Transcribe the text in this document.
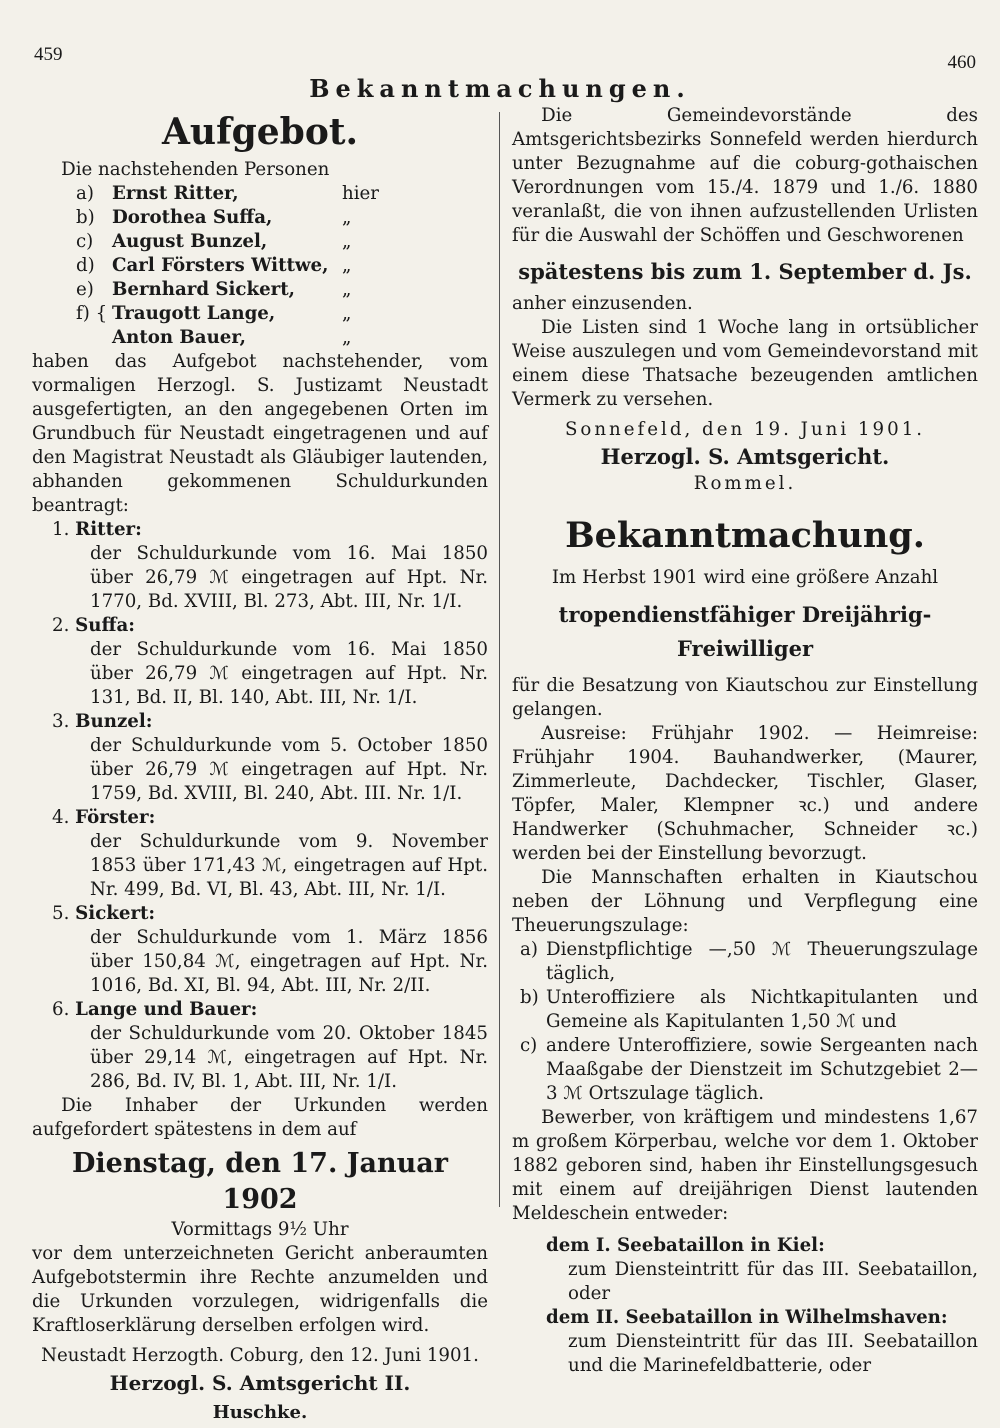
459	460
Bekanntmachungen.
Aufgebot.

Die nachstehenden Personen

a) Ernst Ritter,	hier
b) Dorothea Suffa,	„
c)	August Bunzel,	„
d) Carl Försters Wittwe, „
e) Bernhard Sickert,	„
f) { Traugott Lange,	„
Anton Bauer,	„

haben das Aufgebot nachstehender, vom vormaligen Herzogl. S. Justizamt Neustadt ausgefertigten, an den angegebenen Orten im Grundbuch für Neustadt eingetragenen und auf den Magistrat Neustadt als Gläubiger lautenden, abhanden gekommenen Schuldurkunden beantragt:

1. Ritter:

der Schuldurkunde vom 16. Mai 1850 über 26,79 ℳ eingetragen auf Hpt. Nr. 1770, Bd. XVIII, Bl. 273, Abt. III, Nr. 1/I.

2. Suffa:

der Schuldurkunde vom 16. Mai 1850 über 26,79 ℳ eingetragen auf Hpt. Nr. 131, Bd. II, Bl. 140, Abt. III, Nr. 1/I.

3. Bunzel:

der Schuldurkunde vom 5. October 1850 über 26,79 ℳ eingetragen auf Hpt. Nr. 1759, Bd. XVIII, Bl. 240, Abt. III. Nr. 1/I.

4. Förster:

der Schuldurkunde vom 9. November 1853 über 171,43 ℳ, eingetragen auf Hpt. Nr. 499, Bd. VI, Bl. 43, Abt. III, Nr. 1/I.

5. Sickert:

der Schuldurkunde vom 1. März 1856 über 150,84 ℳ, eingetragen auf Hpt. Nr. 1016, Bd. XI, Bl. 94, Abt. III, Nr. 2/II.

6. Lange und Bauer:

der Schuldurkunde vom 20. Oktober 1845 über 29,14 ℳ, eingetragen auf Hpt. Nr. 286, Bd. IV, Bl. 1, Abt. III, Nr. 1/I.

Die Inhaber der Urkunden werden aufgefordert spätestens in dem auf

Dienstag, den 17. Januar 1902

Vormittags 9½ Uhr

vor dem unterzeichneten Gericht anberaumten Aufgebotstermin ihre Rechte anzumelden und die Urkunden vorzulegen, widrigenfalls die Kraftloserklärung derselben erfolgen wird.

Neustadt Herzogth. Coburg, den 12. Juni 1901.

Herzogl. S. Amtsgericht II.
Huschke.

Die Gemeindevorstände des Amtsgerichtsbezirks Sonnefeld werden hierdurch unter Bezugnahme auf die coburg-gothaischen Verordnungen vom 15./4. 1879 und 1./6. 1880 veranlaßt, die von ihnen aufzustellenden Urlisten für die Auswahl der Schöffen und Geschworenen

spätestens bis zum 1. September d. Js.

anher einzusenden.

Die Listen sind 1 Woche lang in ortsüblicher Weise auszulegen und vom Gemeindevorstand mit einem diese Thatsache bezeugenden amtlichen Vermerk zu versehen.

Sonnefeld, den 19. Juni 1901.

Herzogl. S. Amtsgericht.

Rommel.

Bekanntmachung.

Im Herbst 1901 wird eine größere Anzahl

tropendienstfähiger Dreijährig-Freiwilliger

für die Besatzung von Kiautschou zur Einstellung gelangen.

Ausreise: Frühjahr 1902. — Heimreise: Frühjahr 1904. Bauhandwerker, (Maurer, Zimmerleute, Dachdecker, Tischler, Glaser, Töpfer, Maler, Klempner ꝛc.) und andere Handwerker (Schuhmacher, Schneider ꝛc.) werden bei der Einstellung bevorzugt.

Die Mannschaften erhalten in Kiautschou neben der Löhnung und Verpflegung eine Theuerungszulage:

a) Dienstpflichtige —,50 ℳ Theuerungszulage täglich,
b) Unteroffiziere als Nichtkapitulanten und Gemeine als Kapitulanten 1,50 ℳ und
c) andere Unteroffiziere, sowie Sergeanten nach Maaßgabe der Dienstzeit im Schutzgebiet 2—3 ℳ Ortszulage täglich.

Bewerber, von kräftigem und mindestens 1,67 m großem Körperbau, welche vor dem 1. Oktober 1882 geboren sind, haben ihr Einstellungsgesuch mit einem auf dreijährigen Dienst lautenden Meldeschein entweder:

dem I. Seebataillon in Kiel:

zum Diensteintritt für das III. Seebataillon, oder

dem II. Seebataillon in Wilhelmshaven:

zum Diensteintritt für das III. Seebataillon und die Marinefeldbatterie, oder
